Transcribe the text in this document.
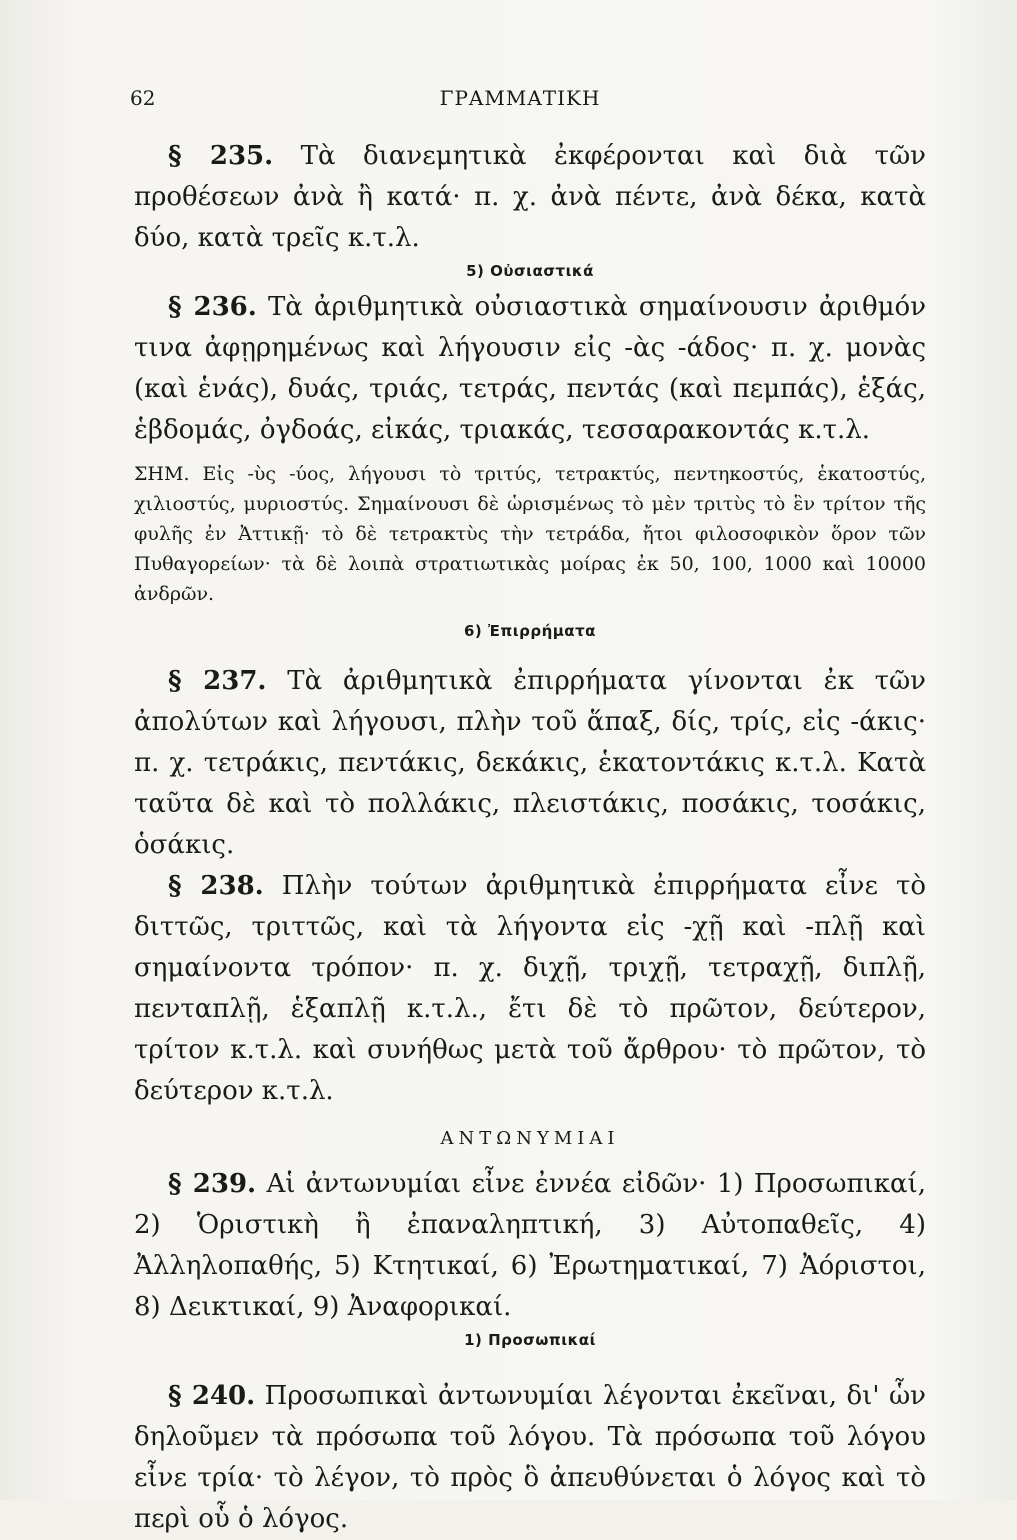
62	ΓΡΑΜΜΑΤΙΚΗ

§ 235. Τὰ διανεμητικὰ ἐκφέρονται καὶ διὰ τῶν προθέσεων ἀνὰ ἢ κατά· π. χ. ἀνὰ πέντε, ἀνὰ δέκα, κατὰ δύο, κατὰ τρεῖς κ.τ.λ.

5) Οὐσιαστικά

§ 236. Τὰ ἀριθμητικὰ οὐσιαστικὰ σημαίνουσιν ἀριθμόν τινα ἀφῃρημένως καὶ λήγουσιν εἰς -ὰς -άδος· π. χ. μονὰς (καὶ ἑνάς), δυάς, τριάς, τετράς, πεντάς (καὶ πεμπάς), ἑξάς, ἑβδομάς, ὀγδοάς, εἰκάς, τριακάς, τεσσαρακοντάς κ.τ.λ.

ΣΗΜ. Εἰς -ὺς -ύος, λήγουσι τὸ τριτύς, τετρακτύς, πεντηκοστύς, ἑκατοστύς, χιλιοστύς, μυριοστύς. Σημαίνουσι δὲ ὡρισμένως τὸ μὲν τριτὺς τὸ ἓν τρίτον τῆς φυλῆς ἐν Ἀττικῇ· τὸ δὲ τετρακτὺς τὴν τετράδα, ἤτοι φιλοσοφικὸν ὅρον τῶν Πυθαγορείων· τὰ δὲ λοιπὰ στρατιωτικὰς μοίρας ἐκ 50, 100, 1000 καὶ 10000 ἀνδρῶν.

6) Ἐπιρρήματα

§ 237. Τὰ ἀριθμητικὰ ἐπιρρήματα γίνονται ἐκ τῶν ἀπολύτων καὶ λήγουσι, πλὴν τοῦ ἅπαξ, δίς, τρίς, εἰς -άκις· π. χ. τετράκις, πεντάκις, δεκάκις, ἑκατοντάκις κ.τ.λ. Κατὰ ταῦτα δὲ καὶ τὸ πολλάκις, πλειστάκις, ποσάκις, τοσάκις, ὁσάκις.

§ 238. Πλὴν τούτων ἀριθμητικὰ ἐπιρρήματα εἶνε τὸ διττῶς, τριττῶς, καὶ τὰ λήγοντα εἰς -χῇ καὶ -πλῇ καὶ σημαίνοντα τρόπον· π. χ. διχῇ, τριχῇ, τετραχῇ, διπλῇ, πενταπλῇ, ἑξαπλῇ κ.τ.λ., ἔτι δὲ τὸ πρῶτον, δεύτερον, τρίτον κ.τ.λ. καὶ συνήθως μετὰ τοῦ ἄρθρου· τὸ πρῶτον, τὸ δεύτερον κ.τ.λ.

ΑΝΤΩΝΥΜΙΑΙ

§ 239. Αἱ ἀντωνυμίαι εἶνε ἐννέα εἰδῶν· 1) Προσωπικαί, 2) Ὁριστικὴ ἢ ἐπαναληπτική, 3) Αὐτοπαθεῖς, 4) Ἀλληλοπαθής, 5) Κτητικαί, 6) Ἐρωτηματικαί, 7) Ἀόριστοι, 8) Δεικτικαί, 9) Ἀναφορικαί.

1) Προσωπικαί

§ 240. Προσωπικαὶ ἀντωνυμίαι λέγονται ἐκεῖναι, δι' ὧν δηλοῦμεν τὰ πρόσωπα τοῦ λόγου. Τὰ πρόσωπα τοῦ λόγου εἶνε τρία· τὸ λέγον, τὸ πρὸς ὃ ἀπευθύνεται ὁ λόγος καὶ τὸ περὶ οὗ ὁ λόγος.
